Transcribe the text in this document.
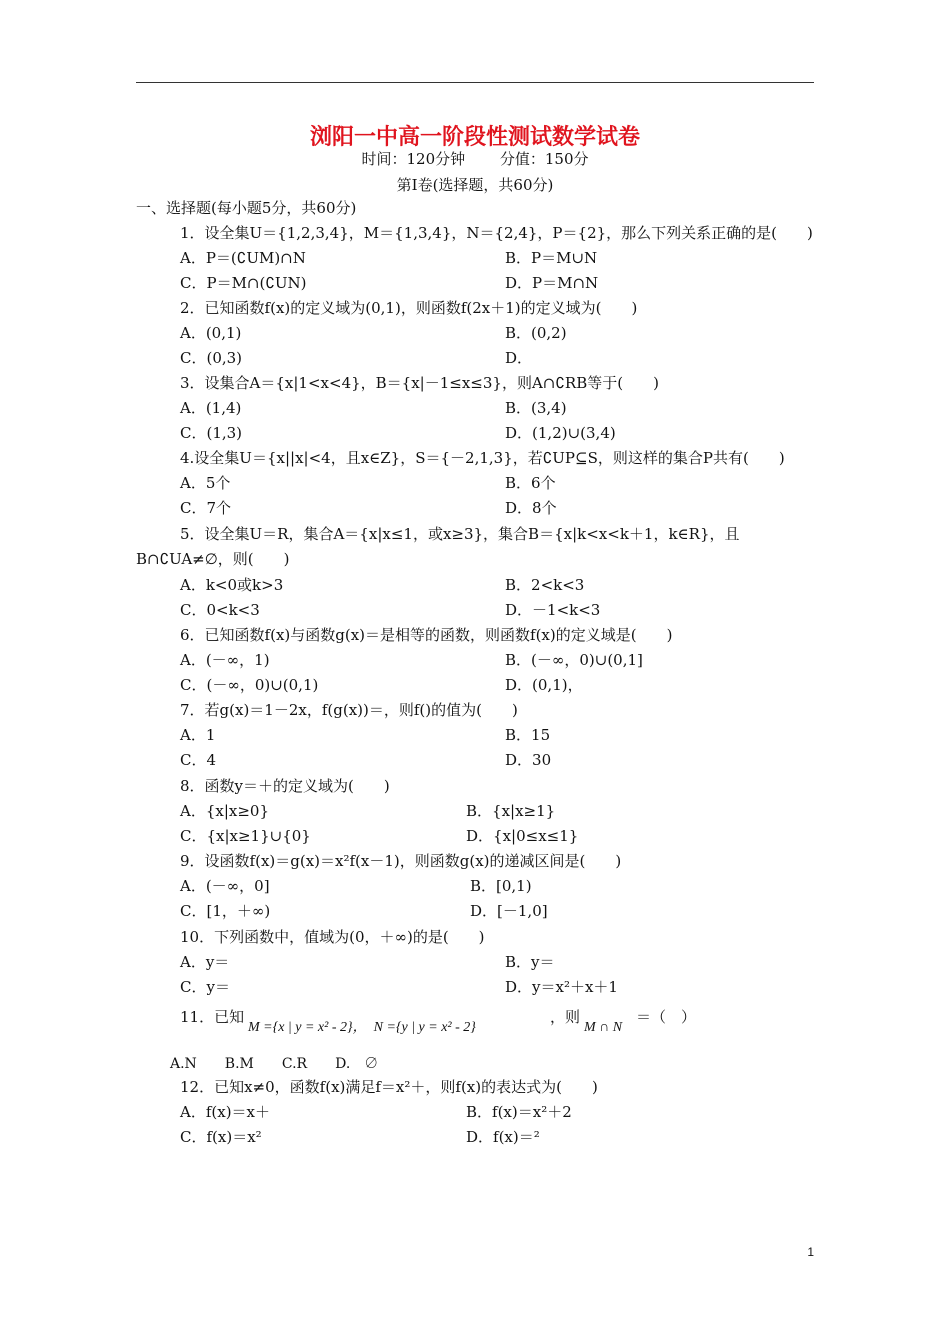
浏阳一中高一阶段性测试数学试卷
时间：120分钟　　 分值：150分
第Ⅰ卷(选择题，共60分)
一、选择题(每小题5分，共60分)
1．设全集U＝{1,2,3,4}，M＝{1,3,4}，N＝{2,4}，P＝{2}，那么下列关系正确的是(　　)
A．P＝(∁UM)∩N	B．P＝M∪N
C．P＝M∩(∁UN)	D．P＝M∩N
2．已知函数f(x)的定义域为(0,1)，则函数f(2x＋1)的定义域为(　　)
A．(0,1)	B．(0,2)
C．(0,3)	D．
3．设集合A＝{x|1<x<4}，B＝{x|－1≤x≤3}，则A∩∁RB等于(　　)
A．(1,4)	B．(3,4)
C．(1,3)	D．(1,2)∪(3,4)
4.设全集U＝{x||x|<4，且x∈Z}，S＝{－2,1,3}，若∁UP⊆S，则这样的集合P共有(　　)
A．5个	B．6个
C．7个	D．8个
5．设全集U＝R，集合A＝{x|x≤1，或x≥3}，集合B＝{x|k<x<k＋1，k∈R}，且
B∩∁UA≠∅，则(　　)
A．k<0或k>3	B．2<k<3
C．0<k<3	D．－1<k<3
6．已知函数f(x)与函数g(x)＝是相等的函数，则函数f(x)的定义域是(　　)
A．(－∞，1)	B．(－∞，0)∪(0,1]
C．(－∞，0)∪(0,1)	D．(0,1)，
7．若g(x)＝1－2x，f(g(x))＝，则f()的值为(　　)
A．1	B．15
C．4	D．30
8．函数y＝＋的定义域为(　　)
A．{x|x≥0}	B．{x|x≥1}
C．{x|x≥1}∪{0}	D．{x|0≤x≤1}
9．设函数f(x)＝g(x)＝x²f(x－1)，则函数g(x)的递减区间是(　　)
A．(－∞，0]	B．[0,1)
C．[1，＋∞)	D．[－1,0]
10．下列函数中，值域为(0，＋∞)的是(　　)
A．y＝	B．y＝
C．y＝	D．y＝x²＋x＋1
11．已知
M ={x | y = x² - 2}，　N ={y | y = x² - 2}
，则
M ∩ N
＝（　）
A.N　　B.M　　C.R　　D.　∅
12．已知x≠0，函数f(x)满足f＝x²＋，则f(x)的表达式为(　　)
A．f(x)＝x＋	B．f(x)＝x²＋2
C．f(x)＝x²	D．f(x)＝²
1
